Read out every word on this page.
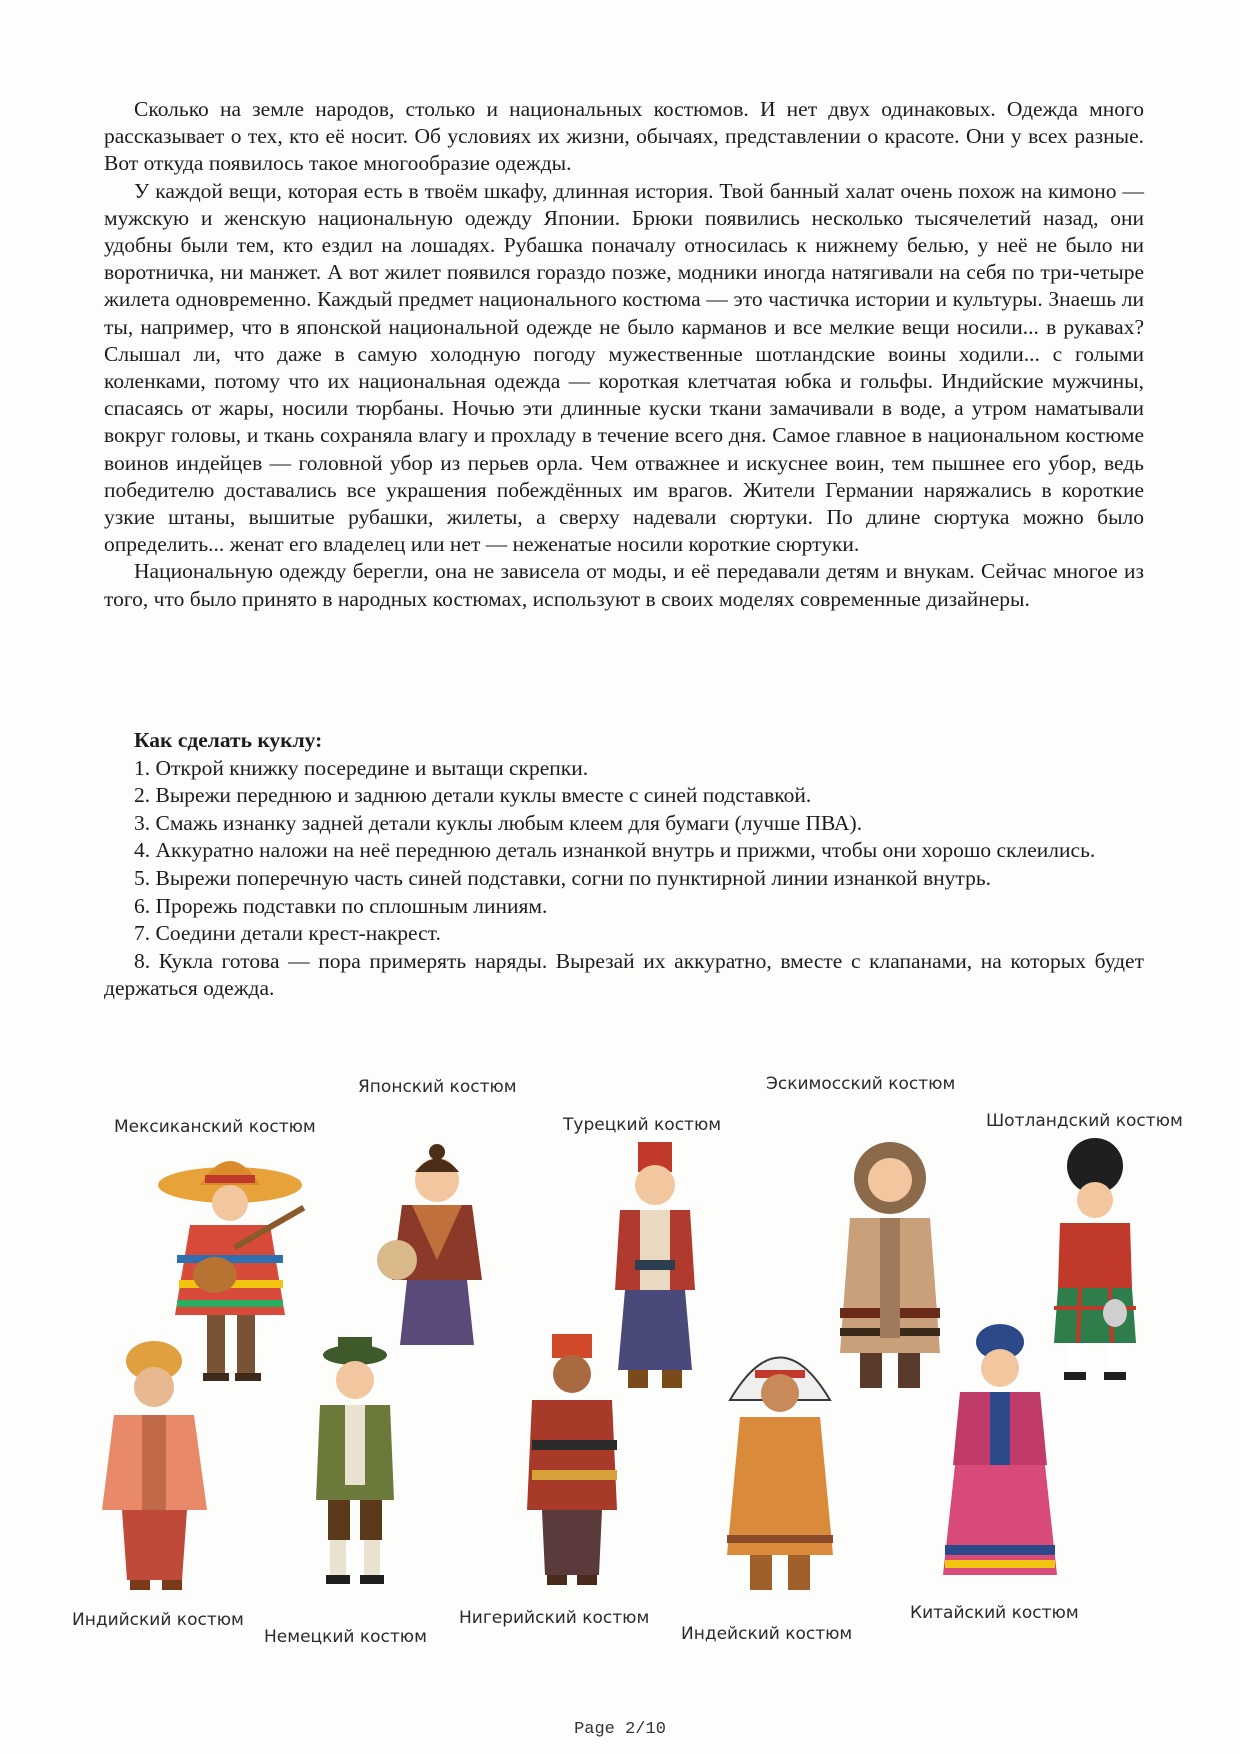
Сколько на земле народов, столько и национальных костюмов. И нет двух одинаковых. Одежда много рассказывает о тех, кто её носит. Об условиях их жизни, обычаях, представлении о красоте. Они у всех разные. Вот откуда появилось такое многообразие одежды.

У каждой вещи, которая есть в твоём шкафу, длинная история. Твой банный халат очень похож на кимоно — мужскую и женскую национальную одежду Японии. Брюки появились несколько тысячелетий назад, они удобны были тем, кто ездил на лошадях. Рубашка поначалу относилась к нижнему белью, у неё не было ни воротничка, ни манжет. А вот жилет появился гораздо позже, модники иногда натягивали на себя по три-четыре жилета одновременно. Каждый предмет национального костюма — это частичка истории и культуры. Знаешь ли ты, например, что в японской национальной одежде не было карманов и все мелкие вещи носили... в рукавах? Слышал ли, что даже в самую холодную погоду мужественные шотландские воины ходили... с голыми коленками, потому что их национальная одежда — короткая клетчатая юбка и гольфы. Индийские мужчины, спасаясь от жары, носили тюрбаны. Ночью эти длинные куски ткани замачивали в воде, а утром наматывали вокруг головы, и ткань сохраняла влагу и прохладу в течение всего дня. Самое главное в национальном костюме воинов индейцев — головной убор из перьев орла. Чем отважнее и искуснее воин, тем пышнее его убор, ведь победителю доставались все украшения побеждённых им врагов. Жители Германии наряжались в короткие узкие штаны, вышитые рубашки, жилеты, а сверху надевали сюртуки. По длине сюртука можно было определить... женат его владелец или нет — неженатые носили короткие сюртуки.

Национальную одежду берегли, она не зависела от моды, и её передавали детям и внукам. Сейчас многое из того, что было принято в народных костюмах, используют в своих моделях современные дизайнеры.

Как сделать куклу:

1. Открой книжку посередине и вытащи скрепки.

2. Вырежи переднюю и заднюю детали куклы вместе с синей подставкой.

3. Смажь изнанку задней детали куклы любым клеем для бумаги (лучше ПВА).

4. Аккуратно наложи на неё переднюю деталь изнанкой внутрь и прижми, чтобы они хорошо склеились.

5. Вырежи поперечную часть синей подставки, согни по пунктирной линии изнанкой внутрь.

6. Прорежь подставки по сплошным линиям.

7. Соедини детали крест-накрест.

8. Кукла готова — пора примерять наряды. Вырезай их аккуратно, вместе с клапанами, на которых будет держаться одежда.

Мексиканский костюм
Японский костюм
Турецкий костюм
Эскимосский костюм
Шотландский костюм
Индийский костюм
Немецкий костюм
Нигерийский костюм
Индейский костюм
Китайский костюм
Page 2/10
